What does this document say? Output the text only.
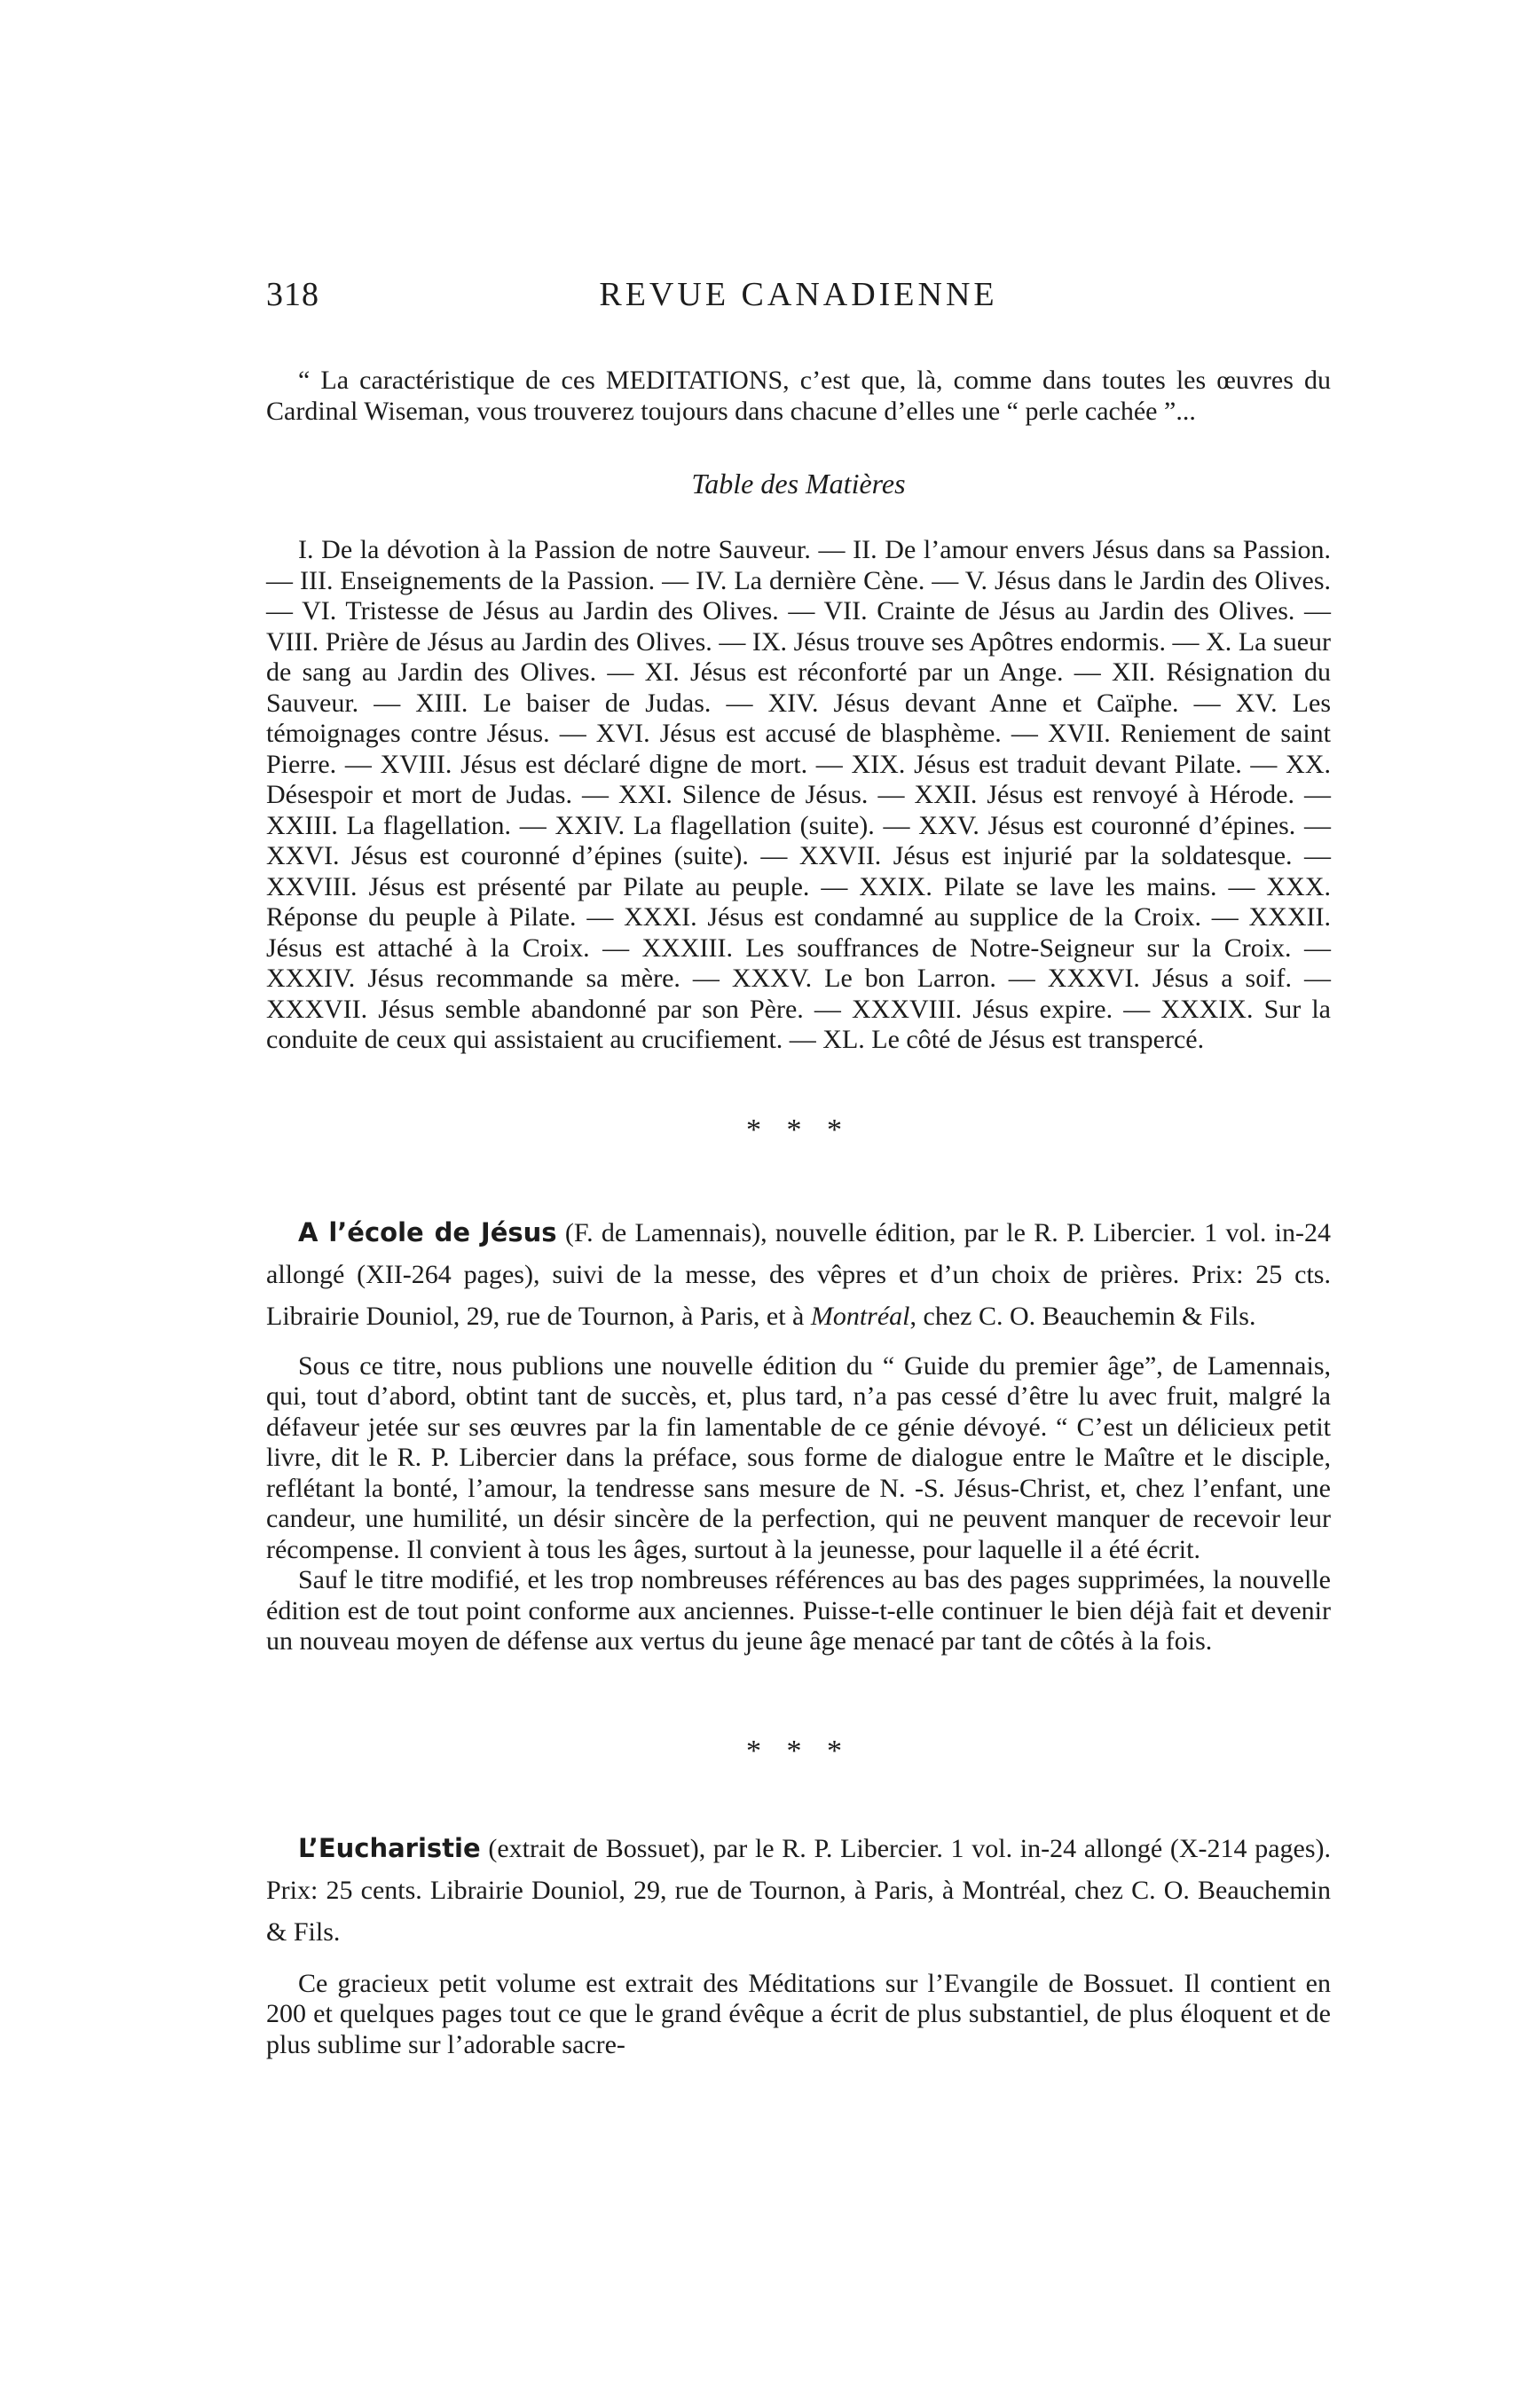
318	REVUE CANADIENNE

“ La caractéristique de ces MEDITATIONS, c’est que, là, comme dans toutes les œuvres du Cardinal Wiseman, vous trouverez toujours dans chacune d’elles une “ perle cachée ”...

Table des Matières

I. De la dévotion à la Passion de notre Sauveur. — II. De l’amour envers Jésus dans sa Passion. — III. Enseignements de la Passion. — IV. La dernière Cène. — V. Jésus dans le Jardin des Olives. — VI. Tristesse de Jésus au Jardin des Olives. — VII. Crainte de Jésus au Jardin des Olives. — VIII. Prière de Jésus au Jardin des Olives. — IX. Jésus trouve ses Apôtres endormis. — X. La sueur de sang au Jardin des Olives. — XI. Jésus est réconforté par un Ange. — XII. Résignation du Sauveur. — XIII. Le baiser de Judas. — XIV. Jésus devant Anne et Caïphe. — XV. Les témoignages contre Jésus. — XVI. Jésus est accusé de blasphème. — XVII. Reniement de saint Pierre. — XVIII. Jésus est déclaré digne de mort. — XIX. Jésus est traduit devant Pilate. — XX. Désespoir et mort de Judas. — XXI. Silence de Jésus. — XXII. Jésus est renvoyé à Hérode. — XXIII. La flagellation. — XXIV. La flagellation (suite). — XXV. Jésus est couronné d’épines. — XXVI. Jésus est couronné d’épines (suite). — XXVII. Jésus est injurié par la soldatesque. — XXVIII. Jésus est présenté par Pilate au peuple. — XXIX. Pilate se lave les mains. — XXX. Réponse du peuple à Pilate. — XXXI. Jésus est condamné au supplice de la Croix. — XXXII. Jésus est attaché à la Croix. — XXXIII. Les souffrances de Notre-Seigneur sur la Croix. — XXXIV. Jésus recommande sa mère. — XXXV. Le bon Larron. — XXXVI. Jésus a soif. — XXXVII. Jésus semble abandonné par son Père. — XXXVIII. Jésus expire. — XXXIX. Sur la conduite de ceux qui assistaient au crucifiement. — XL. Le côté de Jésus est transpercé.

* * *

A l’école de Jésus (F. de Lamennais), nouvelle édition, par le R. P. Libercier. 1 vol. in-24 allongé (XII-264 pages), suivi de la messe, des vêpres et d’un choix de prières. Prix: 25 cts. Librairie Douniol, 29, rue de Tournon, à Paris, et à Montréal, chez C. O. Beauchemin & Fils.

Sous ce titre, nous publions une nouvelle édition du “ Guide du premier âge”, de Lamennais, qui, tout d’abord, obtint tant de succès, et, plus tard, n’a pas cessé d’être lu avec fruit, malgré la défaveur jetée sur ses œuvres par la fin lamentable de ce génie dévoyé. “ C’est un délicieux petit livre, dit le R. P. Libercier dans la préface, sous forme de dialogue entre le Maître et le disciple, reflétant la bonté, l’amour, la tendresse sans mesure de N. -S. Jésus-Christ, et, chez l’enfant, une candeur, une humilité, un désir sincère de la perfection, qui ne peuvent manquer de recevoir leur récompense. Il convient à tous les âges, surtout à la jeunesse, pour laquelle il a été écrit.

Sauf le titre modifié, et les trop nombreuses références au bas des pages supprimées, la nouvelle édition est de tout point conforme aux anciennes. Puisse-t-elle continuer le bien déjà fait et devenir un nouveau moyen de défense aux vertus du jeune âge menacé par tant de côtés à la fois.

* * *

L’Eucharistie (extrait de Bossuet), par le R. P. Libercier. 1 vol. in-24 allongé (X-214 pages). Prix: 25 cents. Librairie Douniol, 29, rue de Tournon, à Paris, à Montréal, chez C. O. Beauchemin & Fils.

Ce gracieux petit volume est extrait des Méditations sur l’Evangile de Bossuet. Il contient en 200 et quelques pages tout ce que le grand évêque a écrit de plus substantiel, de plus éloquent et de plus sublime sur l’adorable sacre-
